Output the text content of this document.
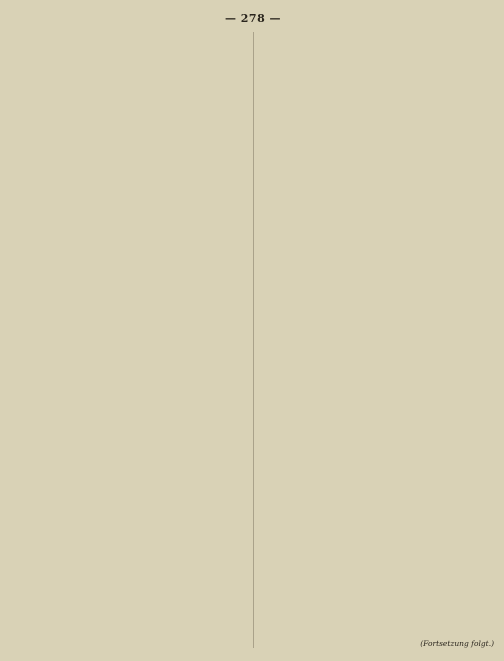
— 278 —
(Fortsetzung folgt.)
